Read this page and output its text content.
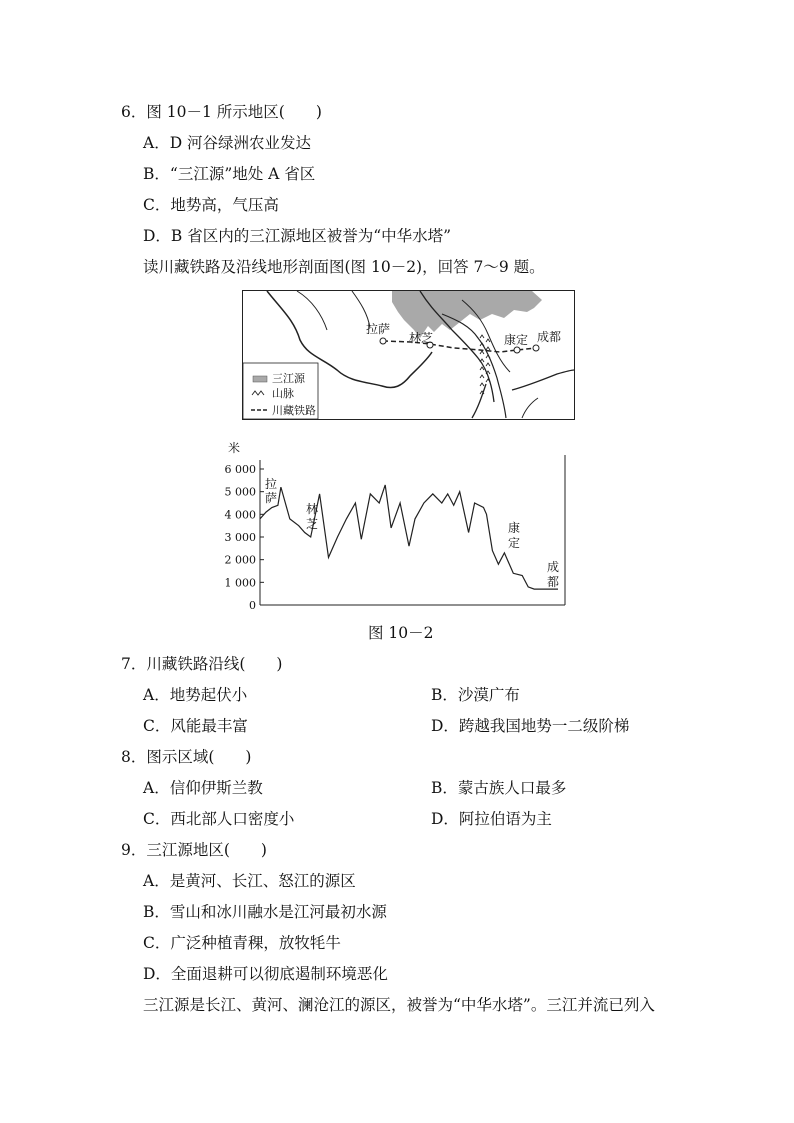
6．图 10－1 所示地区(　　)
A．D 河谷绿洲农业发达
B．“三江源”地处 A 省区
C．地势高，气压高
D．B 省区内的三江源地区被誉为“中华水塔”
读川藏铁路及沿线地形剖面图(图 10－2)，回答 7～9 题。
拉萨
林芝	康定 成都
三江源
山脉
川藏铁路
米
6 000
5 000
4 000
3 000
2 000
1 000
0
拉
萨
林
芝	康
定
成
都
图 10－2
7．川藏铁路沿线(　　)
A．地势起伏小	B．沙漠广布
C．风能最丰富	D．跨越我国地势一二级阶梯
8．图示区域(　　)
A．信仰伊斯兰教	B．蒙古族人口最多
C．西北部人口密度小	D．阿拉伯语为主
9．三江源地区(　　)
A．是黄河、长江、怒江的源区
B．雪山和冰川融水是江河最初水源
C．广泛种植青稞，放牧牦牛
D．全面退耕可以彻底遏制环境恶化
三江源是长江、黄河、澜沧江的源区，被誉为“中华水塔”。三江并流已列入
